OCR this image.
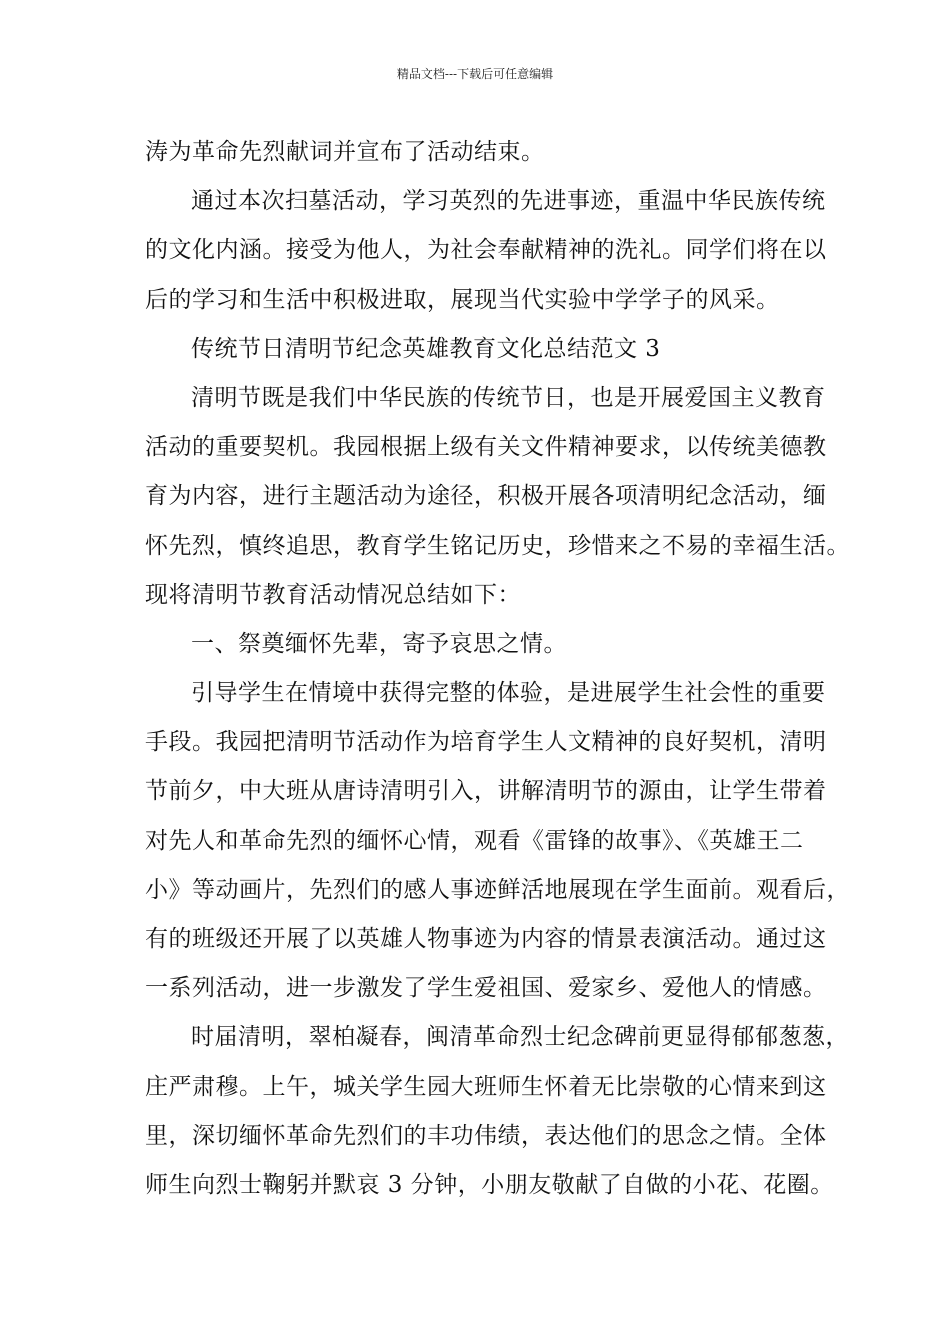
精品文档---下载后可任意编辑
涛为革命先烈献词并宣布了活动结束。
通过本次扫墓活动，学习英烈的先进事迹，重温中华民族传统
的文化内涵。接受为他人，为社会奉献精神的洗礼。同学们将在以
后的学习和生活中积极进取，展现当代实验中学学子的风采。
传统节日清明节纪念英雄教育文化总结范文 3
清明节既是我们中华民族的传统节日，也是开展爱国主义教育
活动的重要契机。我园根据上级有关文件精神要求，以传统美德教
育为内容，进行主题活动为途径，积极开展各项清明纪念活动，缅
怀先烈，慎终追思，教育学生铭记历史，珍惜来之不易的幸福生活。
现将清明节教育活动情况总结如下：
一、祭奠缅怀先辈，寄予哀思之情。
引导学生在情境中获得完整的体验，是进展学生社会性的重要
手段。我园把清明节活动作为培育学生人文精神的良好契机，清明
节前夕，中大班从唐诗清明引入，讲解清明节的源由，让学生带着
对先人和革命先烈的缅怀心情，观看《雷锋的故事》、《英雄王二
小》等动画片，先烈们的感人事迹鲜活地展现在学生面前。观看后，
有的班级还开展了以英雄人物事迹为内容的情景表演活动。通过这
一系列活动，进一步激发了学生爱祖国、爱家乡、爱他人的情感。
时届清明，翠柏凝春，闽清革命烈士纪念碑前更显得郁郁葱葱，
庄严肃穆。上午，城关学生园大班师生怀着无比崇敬的心情来到这
里，深切缅怀革命先烈们的丰功伟绩，表达他们的思念之情。全体
师生向烈士鞠躬并默哀 3 分钟，小朋友敬献了自做的小花、花圈。
